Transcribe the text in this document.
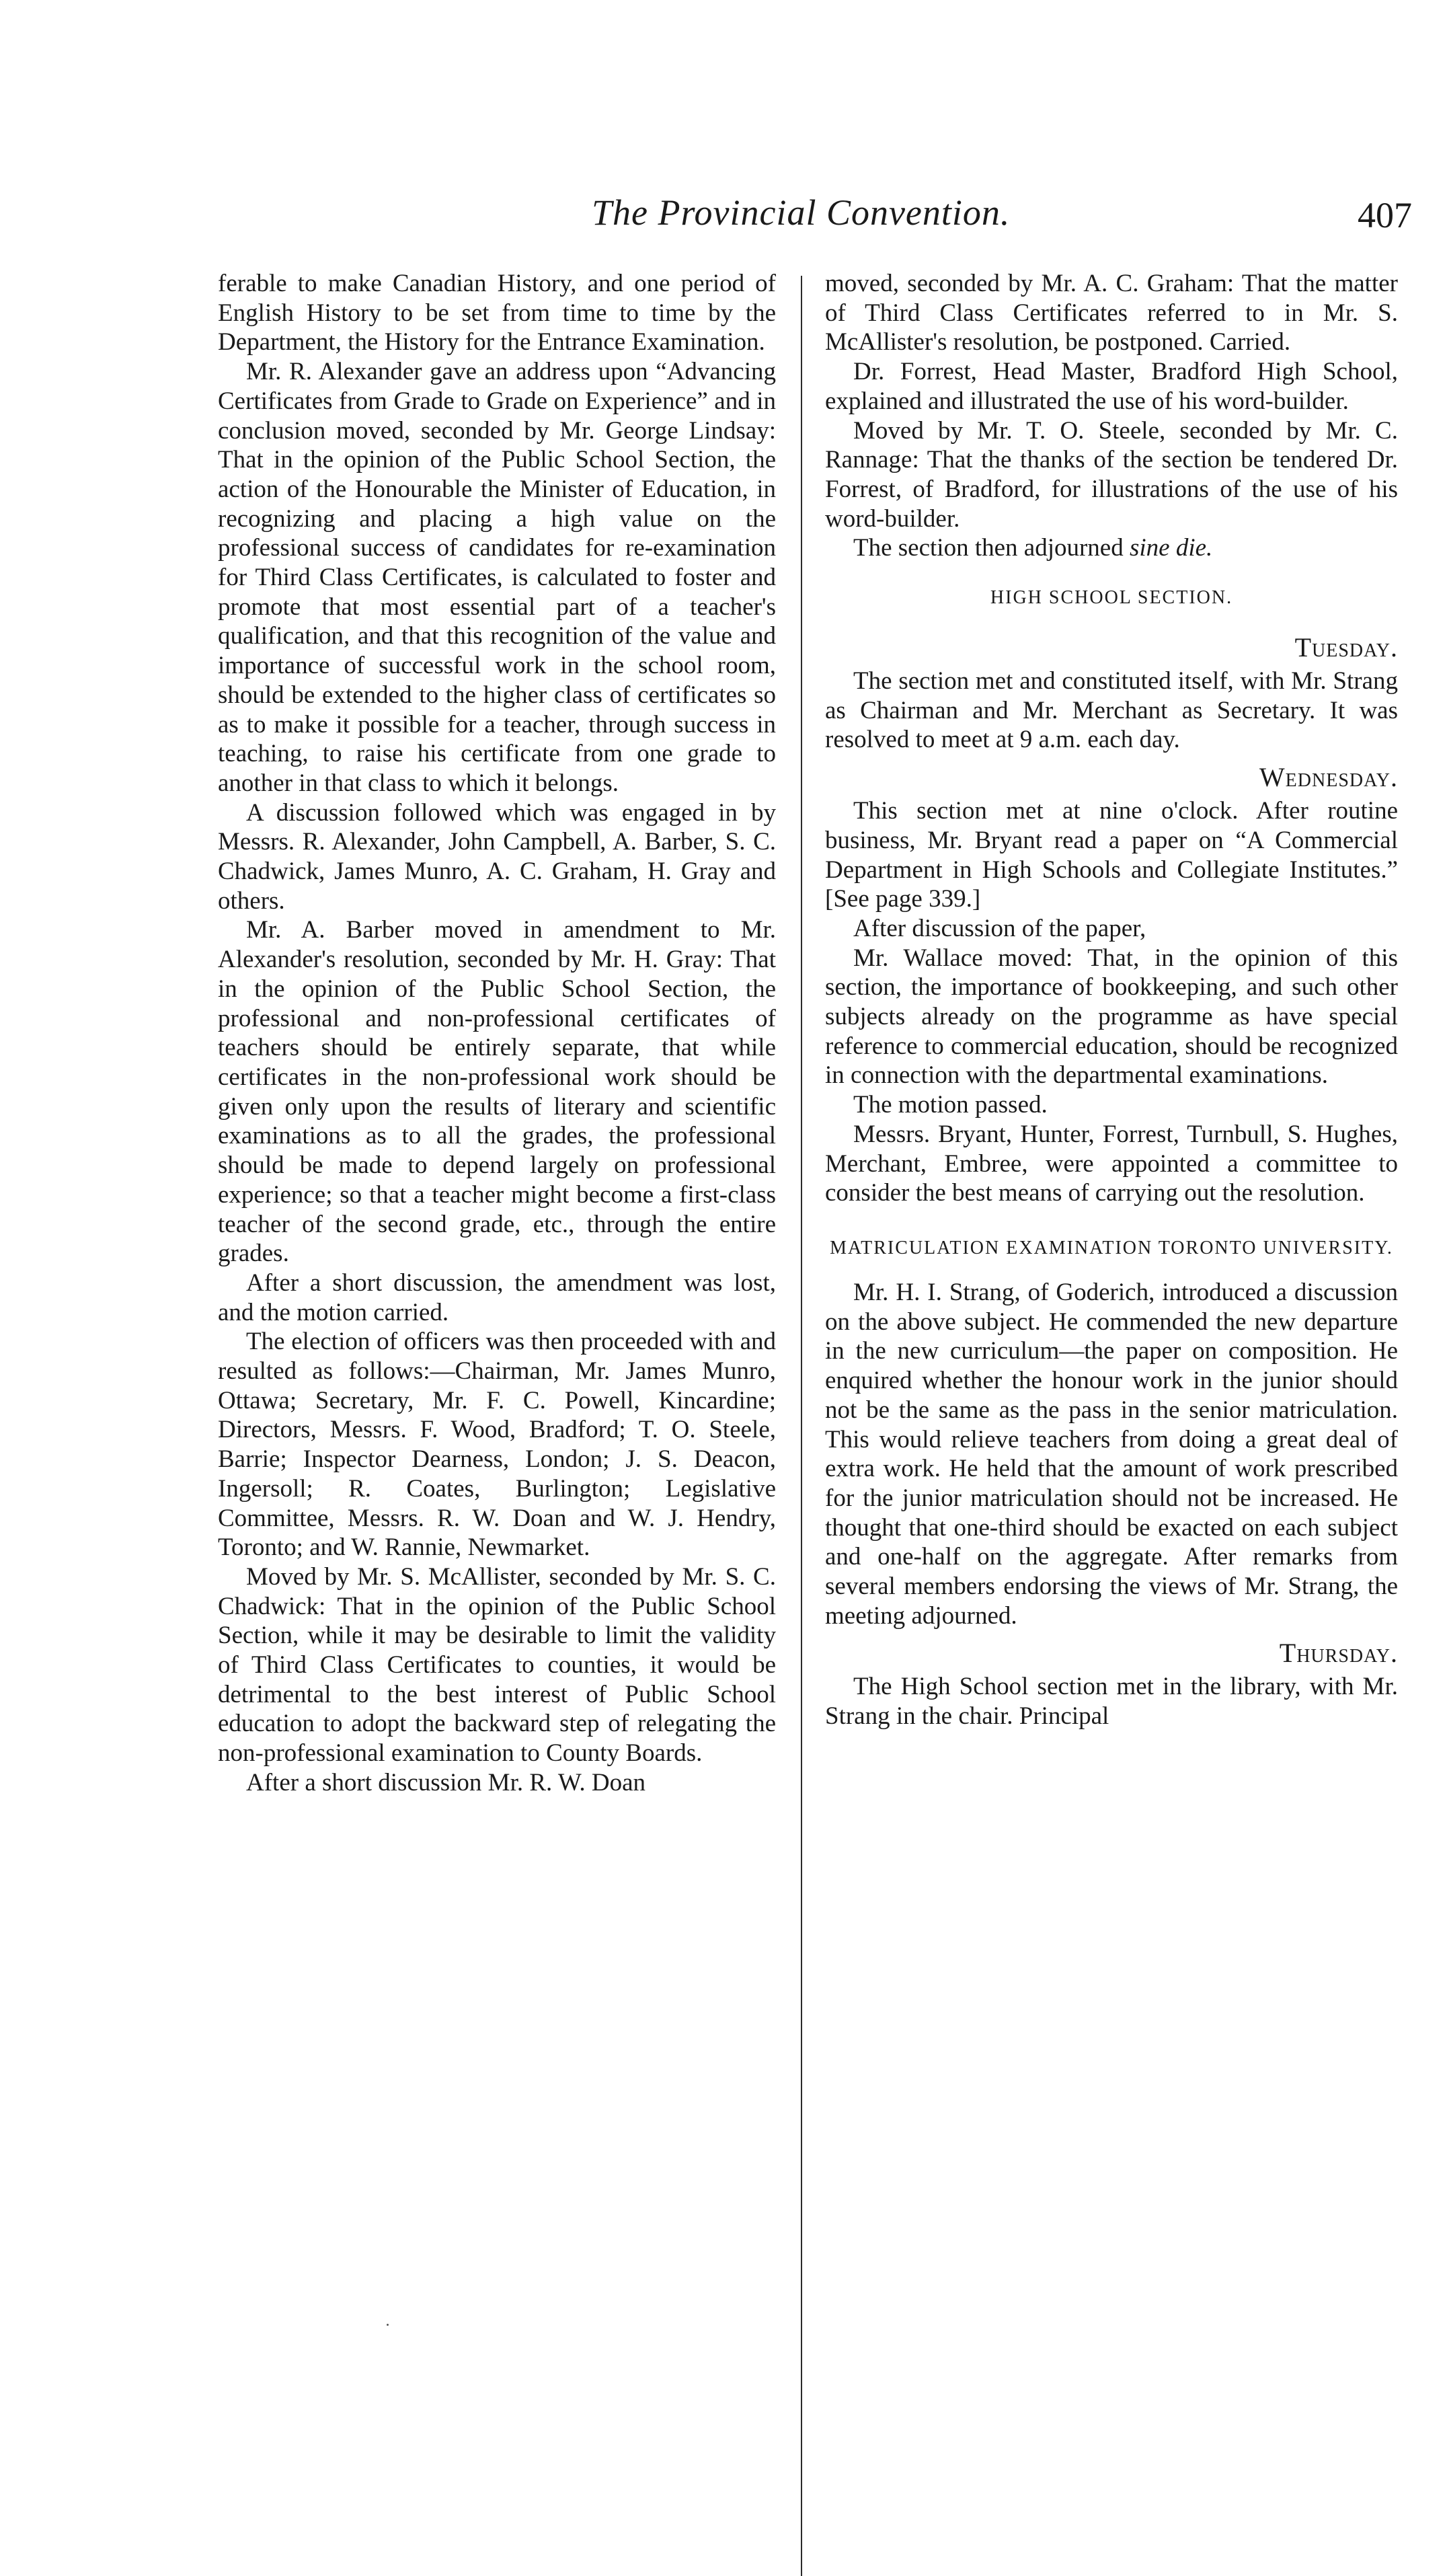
The Provincial Convention.	407

ferable to make Canadian History, and one period of English History to be set from time to time by the Department, the History for the Entrance Examination.

Mr. R. Alexander gave an address upon “Advancing Certificates from Grade to Grade on Experience” and in conclusion moved, seconded by Mr. George Lindsay: That in the opinion of the Public School Section, the action of the Honourable the Minister of Education, in recognizing and placing a high value on the professional success of candidates for re-examination for Third Class Certificates, is calculated to foster and promote that most essential part of a teacher's qualification, and that this recognition of the value and importance of successful work in the school room, should be extended to the higher class of certificates so as to make it possible for a teacher, through success in teaching, to raise his certificate from one grade to another in that class to which it belongs.

A discussion followed which was engaged in by Messrs. R. Alexander, John Campbell, A. Barber, S. C. Chadwick, James Munro, A. C. Graham, H. Gray and others.

Mr. A. Barber moved in amendment to Mr. Alexander's resolution, seconded by Mr. H. Gray: That in the opinion of the Public School Section, the professional and non-professional certificates of teachers should be entirely separate, that while certificates in the non-professional work should be given only upon the results of literary and scientific examinations as to all the grades, the professional should be made to depend largely on professional experience; so that a teacher might become a first-class teacher of the second grade, etc., through the entire grades.

After a short discussion, the amendment was lost, and the motion carried.

The election of officers was then proceeded with and resulted as follows:—Chairman, Mr. James Munro, Ottawa; Secretary, Mr. F. C. Powell, Kincardine; Directors, Messrs. F. Wood, Bradford; T. O. Steele, Barrie; Inspector Dearness, London; J. S. Deacon, Ingersoll; R. Coates, Burlington; Legislative Committee, Messrs. R. W. Doan and W. J. Hendry, Toronto; and W. Rannie, Newmarket.

Moved by Mr. S. McAllister, seconded by Mr. S. C. Chadwick: That in the opinion of the Public School Section, while it may be desirable to limit the validity of Third Class Certificates to counties, it would be detrimental to the best interest of Public School education to adopt the backward step of relegating the non-professional examination to County Boards.

After a short discussion Mr. R. W. Doan

moved, seconded by Mr. A. C. Graham: That the matter of Third Class Certificates referred to in Mr. S. McAllister's resolution, be postponed. Carried.

Dr. Forrest, Head Master, Bradford High School, explained and illustrated the use of his word-builder.

Moved by Mr. T. O. Steele, seconded by Mr. C. Rannage: That the thanks of the section be tendered Dr. Forrest, of Bradford, for illustrations of the use of his word-builder.

The section then adjourned sine die.

HIGH SCHOOL SECTION.
Tuesday.

The section met and constituted itself, with Mr. Strang as Chairman and Mr. Merchant as Secretary. It was resolved to meet at 9 a.m. each day.

Wednesday.

This section met at nine o'clock. After routine business, Mr. Bryant read a paper on “A Commercial Department in High Schools and Collegiate Institutes.” [See page 339.]

After discussion of the paper,

Mr. Wallace moved: That, in the opinion of this section, the importance of bookkeeping, and such other subjects already on the programme as have special reference to commercial education, should be recognized in connection with the departmental examinations.

The motion passed.

Messrs. Bryant, Hunter, Forrest, Turnbull, S. Hughes, Merchant, Embree, were appointed a committee to consider the best means of carrying out the resolution.

MATRICULATION EXAMINATION TORONTO UNIVERSITY.

Mr. H. I. Strang, of Goderich, introduced a discussion on the above subject. He commended the new departure in the new curriculum—the paper on composition. He enquired whether the honour work in the junior should not be the same as the pass in the senior matriculation. This would relieve teachers from doing a great deal of extra work. He held that the amount of work prescribed for the junior matriculation should not be increased. He thought that one-third should be exacted on each subject and one-half on the aggregate. After remarks from several members endorsing the views of Mr. Strang, the meeting adjourned.

Thursday.

The High School section met in the library, with Mr. Strang in the chair. Principal
